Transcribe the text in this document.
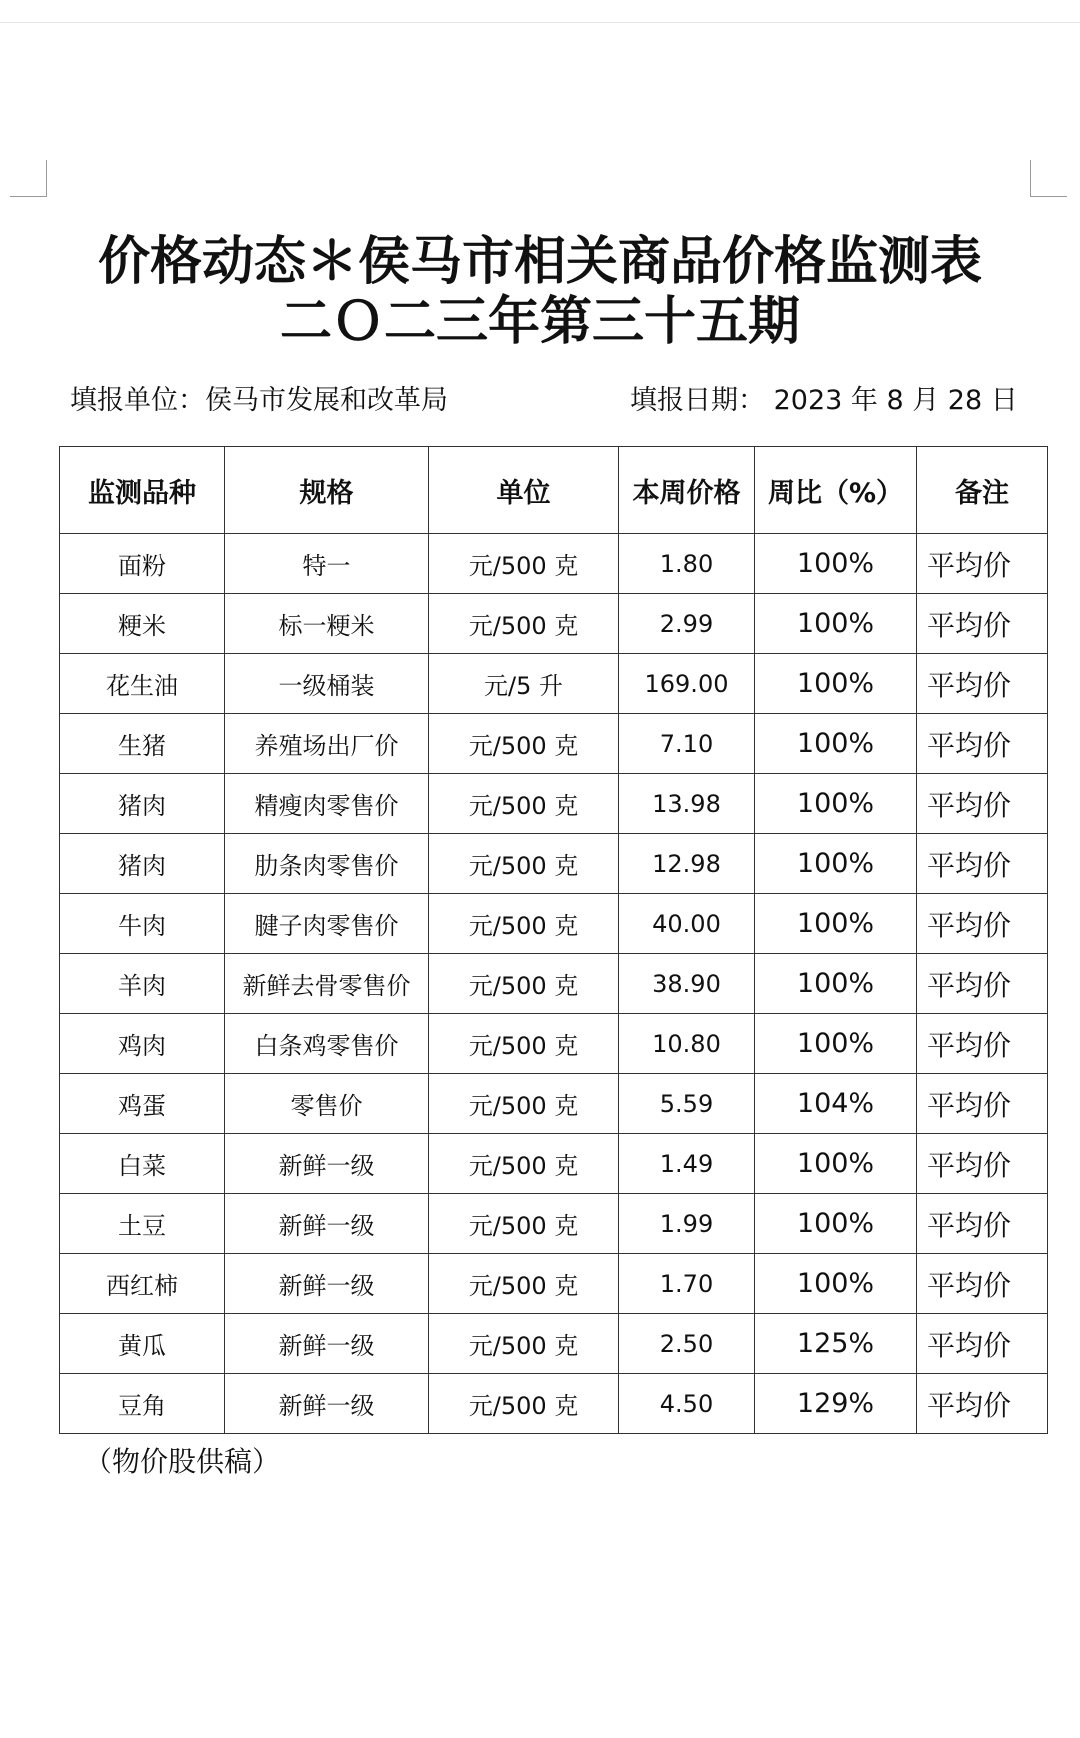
价格动态＊侯马市相关商品价格监测表
二Ｏ二三年第三十五期
填报单位：侯马市发展和改革局	填报日期： 2023 年 8 月 28 日
监测品种	规格	单位	本周价格	周比（%）	备注
面粉	特一	元/500 克	1.80	100%	平均价
粳米	标一粳米	元/500 克	2.99	100%	平均价
花生油	一级桶装	元/5 升	169.00	100%	平均价
生猪	养殖场出厂价	元/500 克	7.10	100%	平均价
猪肉	精瘦肉零售价	元/500 克	13.98	100%	平均价
猪肉	肋条肉零售价	元/500 克	12.98	100%	平均价
牛肉	腱子肉零售价	元/500 克	40.00	100%	平均价
羊肉	新鲜去骨零售价	元/500 克	38.90	100%	平均价
鸡肉	白条鸡零售价	元/500 克	10.80	100%	平均价
鸡蛋	零售价	元/500 克	5.59	104%	平均价
白菜	新鲜一级	元/500 克	1.49	100%	平均价
土豆	新鲜一级	元/500 克	1.99	100%	平均价
西红柿	新鲜一级	元/500 克	1.70	100%	平均价
黄瓜	新鲜一级	元/500 克	2.50	125%	平均价
豆角	新鲜一级	元/500 克	4.50	129%	平均价
（物价股供稿）
